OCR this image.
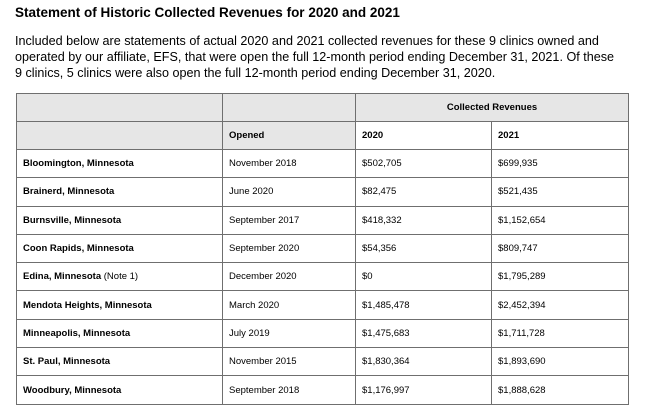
Statement of Historic Collected Revenues for 2020 and 2021
Included below are statements of actual 2020 and 2021 collected revenues for these 9 clinics owned and
operated by our affiliate, EFS, that were open the full 12-month period ending December 31, 2021. Of these
9 clinics, 5 clinics were also open the full 12-month period ending December 31, 2020.
		Collected Revenues	
	Opened	2020	2021
Bloomington, Minnesota	November 2018	$502,705	$699,935
Brainerd, Minnesota	June 2020	$82,475	$521,435
Burnsville, Minnesota	September 2017	$418,332	$1,152,654
Coon Rapids, Minnesota	September 2020	$54,356	$809,747
Edina, Minnesota (Note 1)	December 2020	$0	$1,795,289
Mendota Heights, Minnesota	March 2020	$1,485,478	$2,452,394
Minneapolis, Minnesota	July 2019	$1,475,683	$1,711,728
St. Paul, Minnesota	November 2015	$1,830,364	$1,893,690
Woodbury, Minnesota	September 2018	$1,176,997	$1,888,628
